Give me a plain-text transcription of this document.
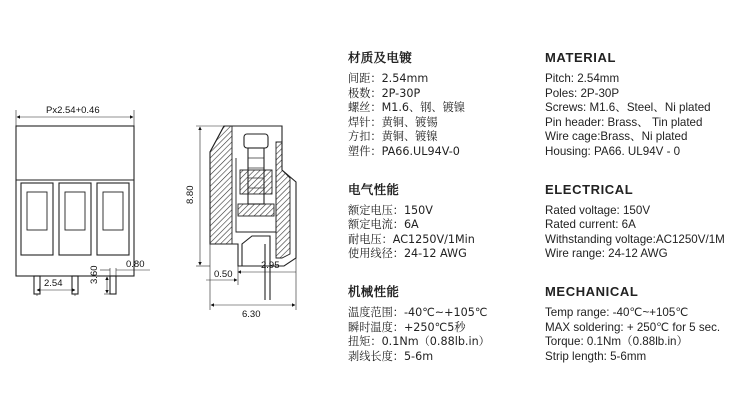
Px2.54+0.46
2.54	3.60
0.80
8.80
0.50
2.95
6.30
材质及电镀
间距：2.54mm
极数：2P-30P
螺丝：M1.6、钢、镀镍
焊针：黄铜、镀锡
方扣：黄铜、镀镍
塑件：PA66.UL94V-0
电气性能
额定电压：150V
额定电流：6A
耐电压：AC1250V/1Min
使用线径：24-12 AWG
机械性能
温度范围：-40℃~+105℃
瞬时温度：+250℃5秒
扭矩：0.1Nm（0.88lb.in）
剥线长度：5-6m
MATERIAL
Pitch: 2.54mm
Poles: 2P-30P
Screws: M1.6、Steel、Ni plated
Pin header: Brass、 Tin plated
Wire cage:Brass、Ni plated
Housing: PA66. UL94V - 0
ELECTRICAL
Rated voltage: 150V
Rated current: 6A
Withstanding voltage:AC1250V/1M
Wire range: 24-12 AWG
MECHANICAL
Temp range: -40℃~+105℃
MAX soldering: + 250℃ for 5 sec.
Torque: 0.1Nm（0.88lb.in）
Strip length: 5-6mm
